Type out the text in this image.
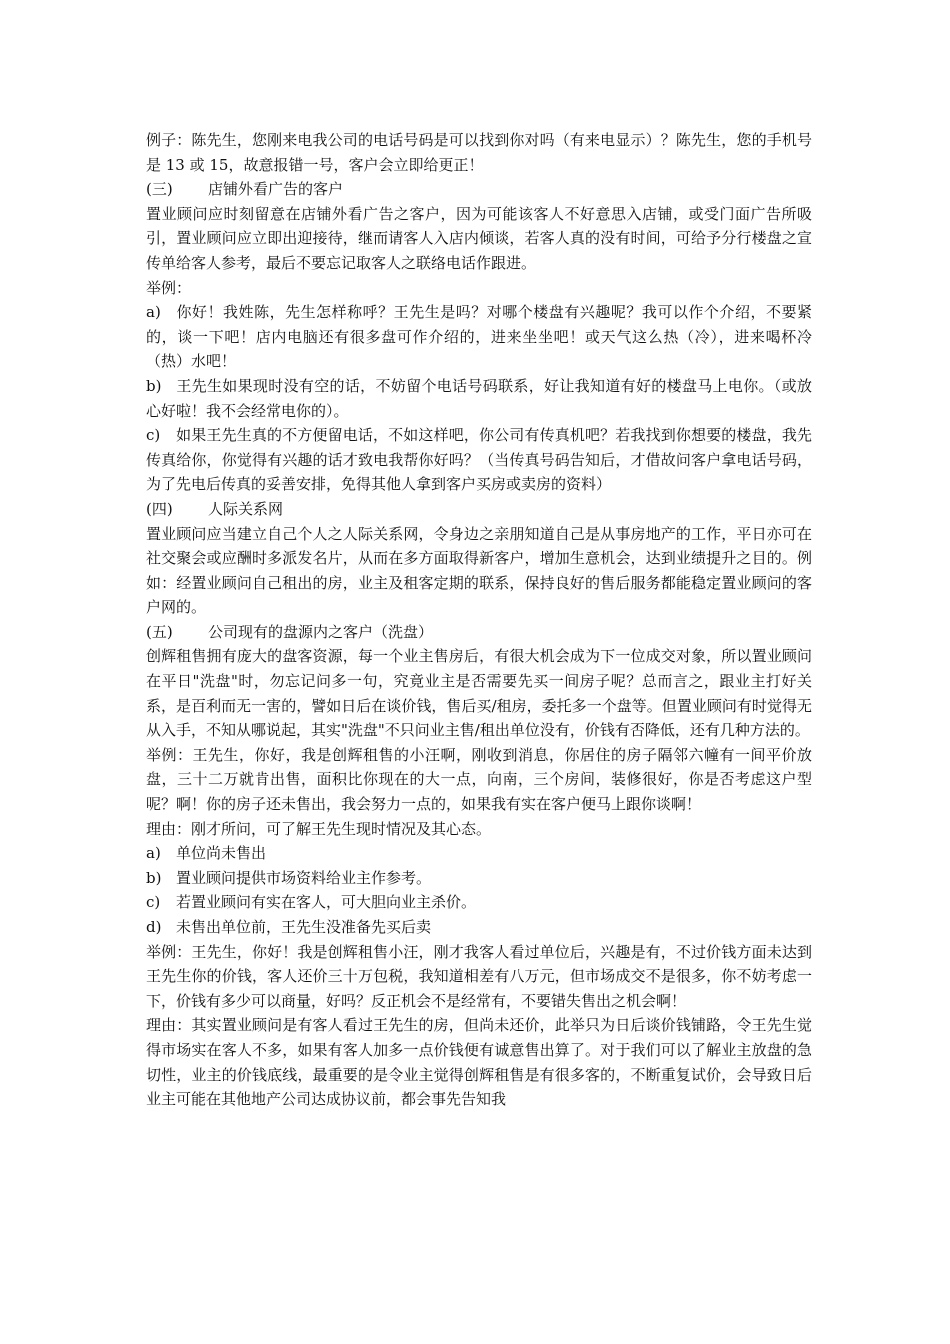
例子：陈先生，您刚来电我公司的电话号码是可以找到你对吗（有来电显示）？陈先生，您的手机号是 13 或 15，故意报错一号，客户会立即给更正！
(三) 店铺外看广告的客户
置业顾问应时刻留意在店铺外看广告之客户，因为可能该客人不好意思入店铺，或受门面广告所吸引，置业顾问应立即出迎接待，继而请客人入店内倾谈，若客人真的没有时间，可给予分行楼盘之宣传单给客人参考，最后不要忘记取客人之联络电话作跟进。
举例：
a) 你好！我姓陈，先生怎样称呼？王先生是吗？对哪个楼盘有兴趣呢？我可以作个介绍，不要紧的，谈一下吧！店内电脑还有很多盘可作介绍的，进来坐坐吧！或天气这么热（冷），进来喝杯冷（热）水吧！
b) 王先生如果现时没有空的话，不妨留个电话号码联系，好让我知道有好的楼盘马上电你。（或放心好啦！我不会经常电你的）。
c) 如果王先生真的不方便留电话，不如这样吧，你公司有传真机吧？若我找到你想要的楼盘，我先传真给你，你觉得有兴趣的话才致电我帮你好吗？（当传真号码告知后，才借故问客户拿电话号码，为了先电后传真的妥善安排，免得其他人拿到客户买房或卖房的资料）
(四) 人际关系网
置业顾问应当建立自己个人之人际关系网，令身边之亲朋知道自己是从事房地产的工作，平日亦可在社交聚会或应酬时多派发名片，从而在多方面取得新客户，增加生意机会，达到业绩提升之目的。例如：经置业顾问自己租出的房，业主及租客定期的联系，保持良好的售后服务都能稳定置业顾问的客户网的。
(五) 公司现有的盘源内之客户（洗盘）
创辉租售拥有庞大的盘客资源，每一个业主售房后，有很大机会成为下一位成交对象，所以置业顾问在平日"洗盘"时，勿忘记问多一句，究竟业主是否需要先买一间房子呢？总而言之，跟业主打好关系，是百利而无一害的，譬如日后在谈价钱，售后买/租房，委托多一个盘等。但置业顾问有时觉得无从入手，不知从哪说起，其实"洗盘"不只问业主售/租出单位没有，价钱有否降低，还有几种方法的。
举例：王先生，你好，我是创辉租售的小汪啊，刚收到消息，你居住的房子隔邻六幢有一间平价放盘，三十二万就肯出售，面积比你现在的大一点，向南，三个房间，装修很好，你是否考虑这户型呢？啊！你的房子还未售出，我会努力一点的，如果我有实在客户便马上跟你谈啊！
理由：刚才所问，可了解王先生现时情况及其心态。
a) 单位尚未售出
b) 置业顾问提供市场资料给业主作参考。
c) 若置业顾问有实在客人，可大胆向业主杀价。
d) 未售出单位前，王先生没准备先买后卖
举例：王先生，你好！我是创辉租售小汪，刚才我客人看过单位后，兴趣是有，不过价钱方面未达到王先生你的价钱，客人还价三十万包税，我知道相差有八万元，但市场成交不是很多，你不妨考虑一下，价钱有多少可以商量，好吗？反正机会不是经常有，不要错失售出之机会啊！
理由：其实置业顾问是有客人看过王先生的房，但尚未还价，此举只为日后谈价钱铺路，令王先生觉得市场实在客人不多，如果有客人加多一点价钱便有诚意售出算了。对于我们可以了解业主放盘的急切性，业主的价钱底线，最重要的是令业主觉得创辉租售是有很多客的，不断重复试价，会导致日后业主可能在其他地产公司达成协议前，都会事先告知我
